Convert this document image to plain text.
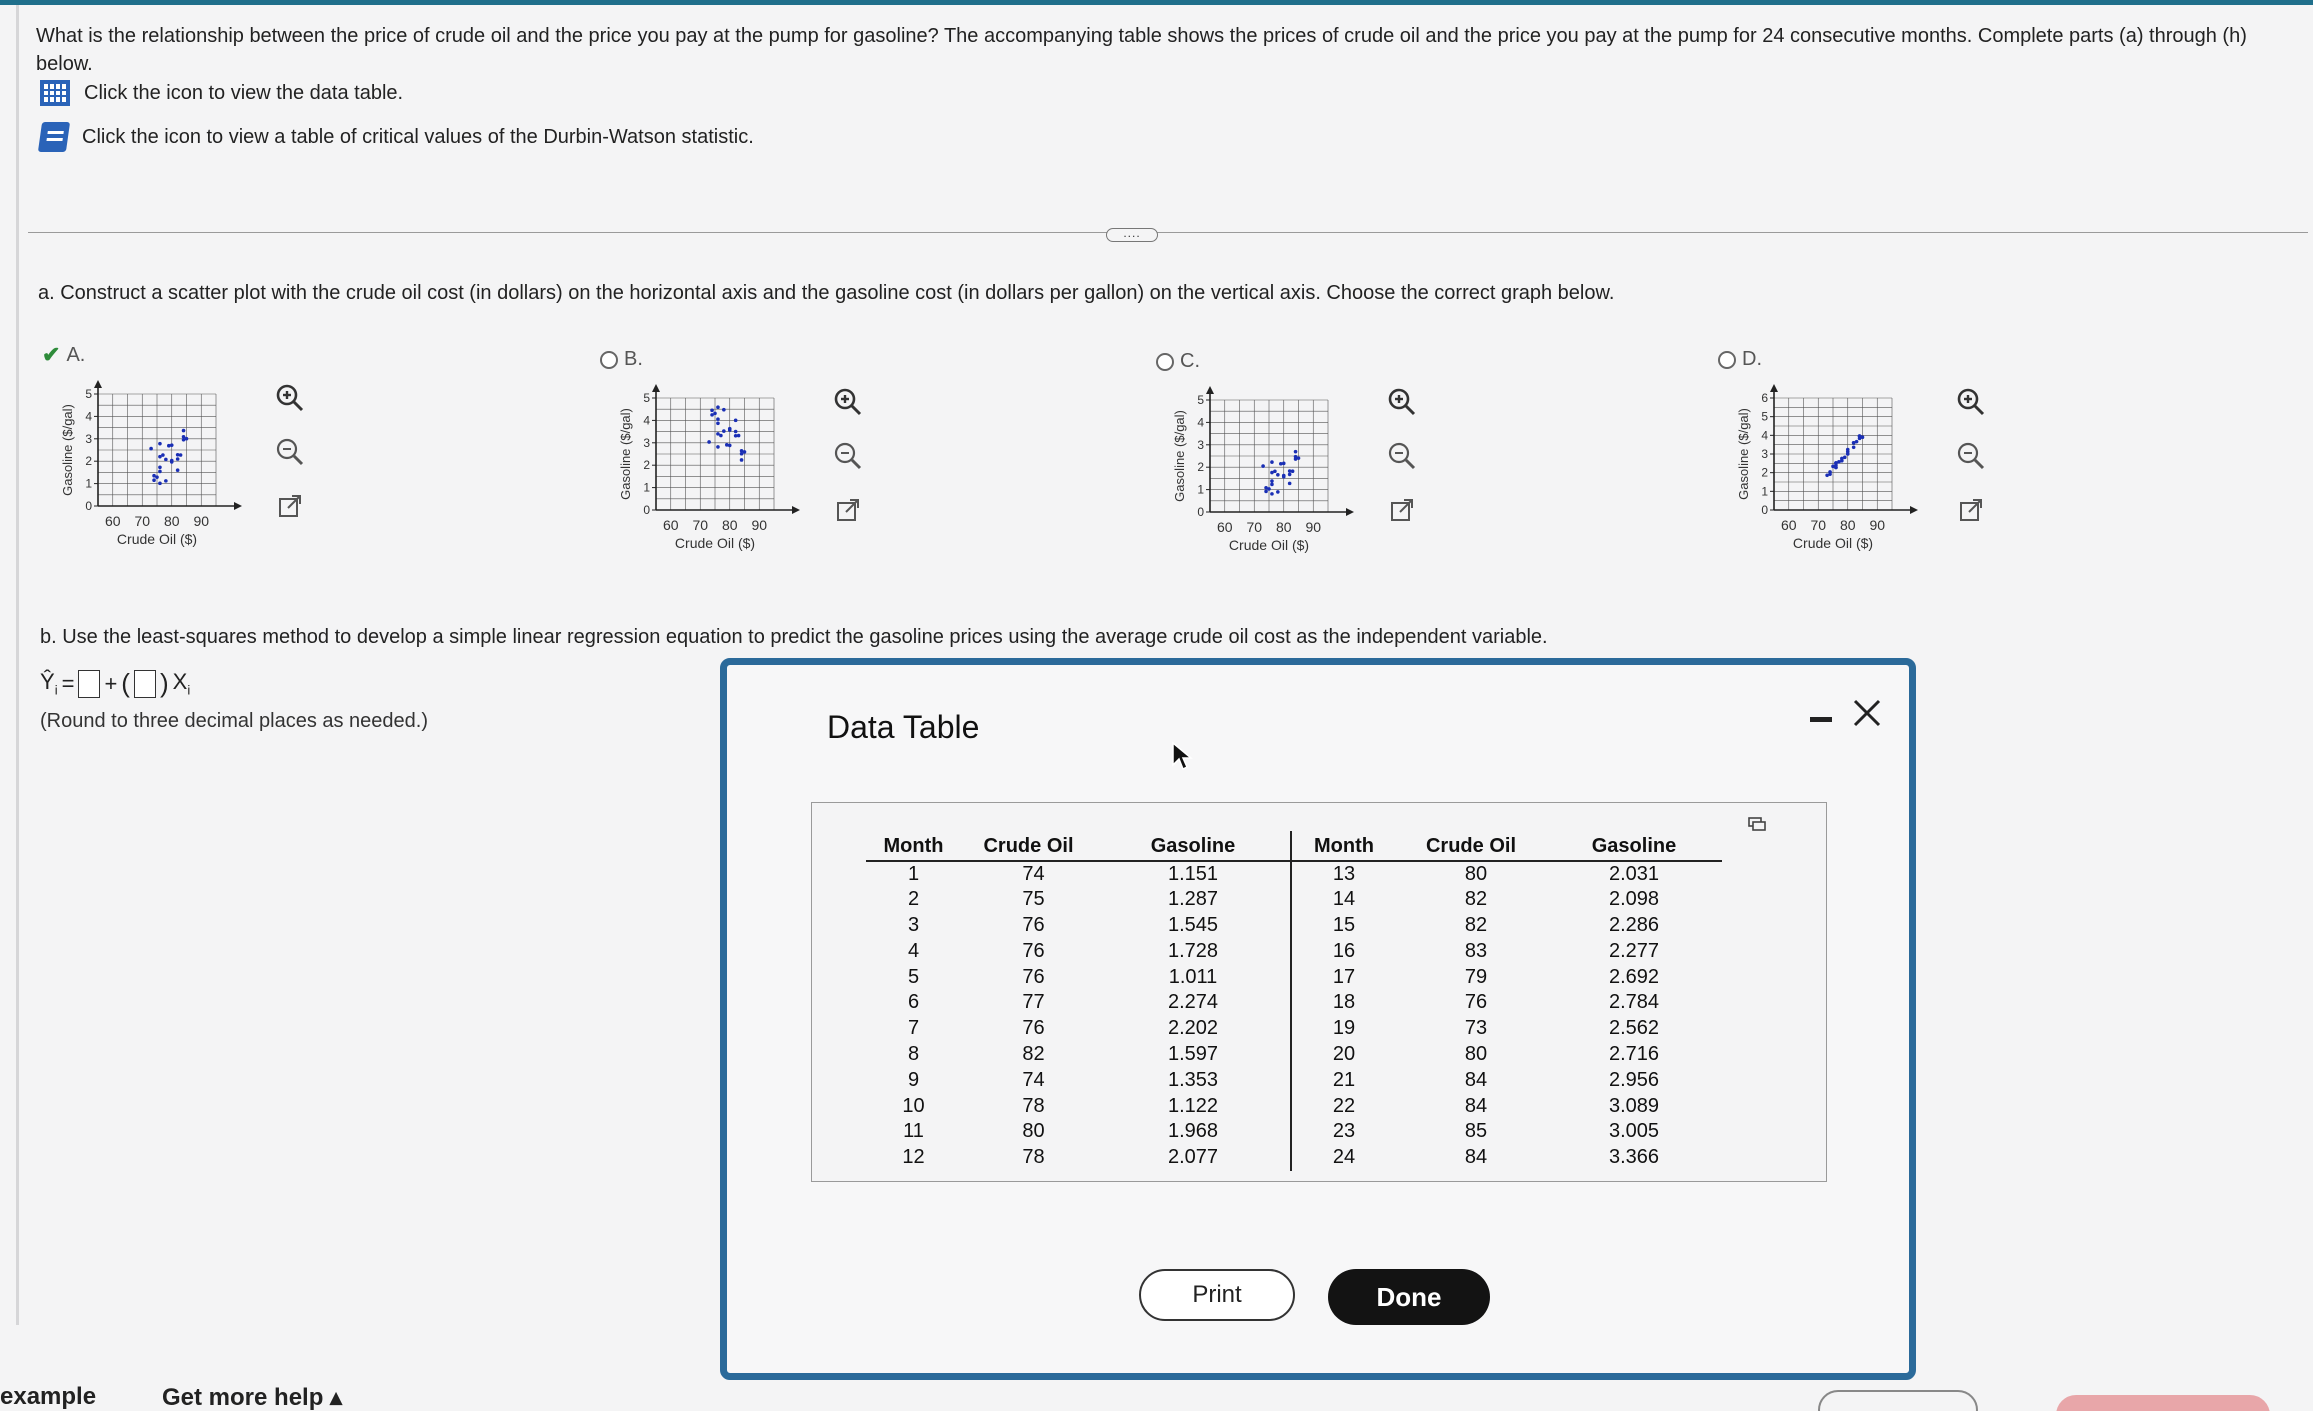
What is the relationship between the price of crude oil and the price you pay at the pump for gasoline? The accompanying table shows the prices of crude oil and the price you pay at the pump for 24 consecutive months. Complete parts (a) through (h) below.
Click the icon to view the data table.
Click the icon to view a table of critical values of the Durbin-Watson statistic.
....
a. Construct a scatter plot with the crude oil cost (in dollars) on the horizontal axis and the gasoline cost (in dollars per gallon) on the vertical axis. Choose the correct graph below.
✔ A.	B.	C.	D.
5
4
3
2
1
0
60 70 80 90
Crude Oil ($)
Gasoline ($/gal)
5
4
3
2
1
0
60 70 80 90
Crude Oil ($)
Gasoline ($/gal)
5
4
3
2
1
0
60 70 80 90
Crude Oil ($)
Gasoline ($/gal)
6
5
4
3
2
1
0
60 70 80 90
Crude Oil ($)
Gasoline ($/gal)
b. Use the least-squares method to develop a simple linear regression equation to predict the gasoline prices using the average crude oil cost as the independent variable.
$Ŷ_i$ = + ( ) $X_i$
(Round to three decimal places as needed.)
example	Get more help ▴
Data Table
Month	Crude Oil	Gasoline	Month	Crude Oil	Gasoline
1	74	1.151	13	80	2.031
2	75	1.287	14	82	2.098
3	76	1.545	15	82	2.286
4	76	1.728	16	83	2.277
5	76	1.011	17	79	2.692
6	77	2.274	18	76	2.784
7	76	2.202	19	73	2.562
8	82	1.597	20	80	2.716
9	74	1.353	21	84	2.956
10	78	1.122	22	84	3.089
11	80	1.968	23	85	3.005
12	78	2.077	24	84	3.366
Print	Done
